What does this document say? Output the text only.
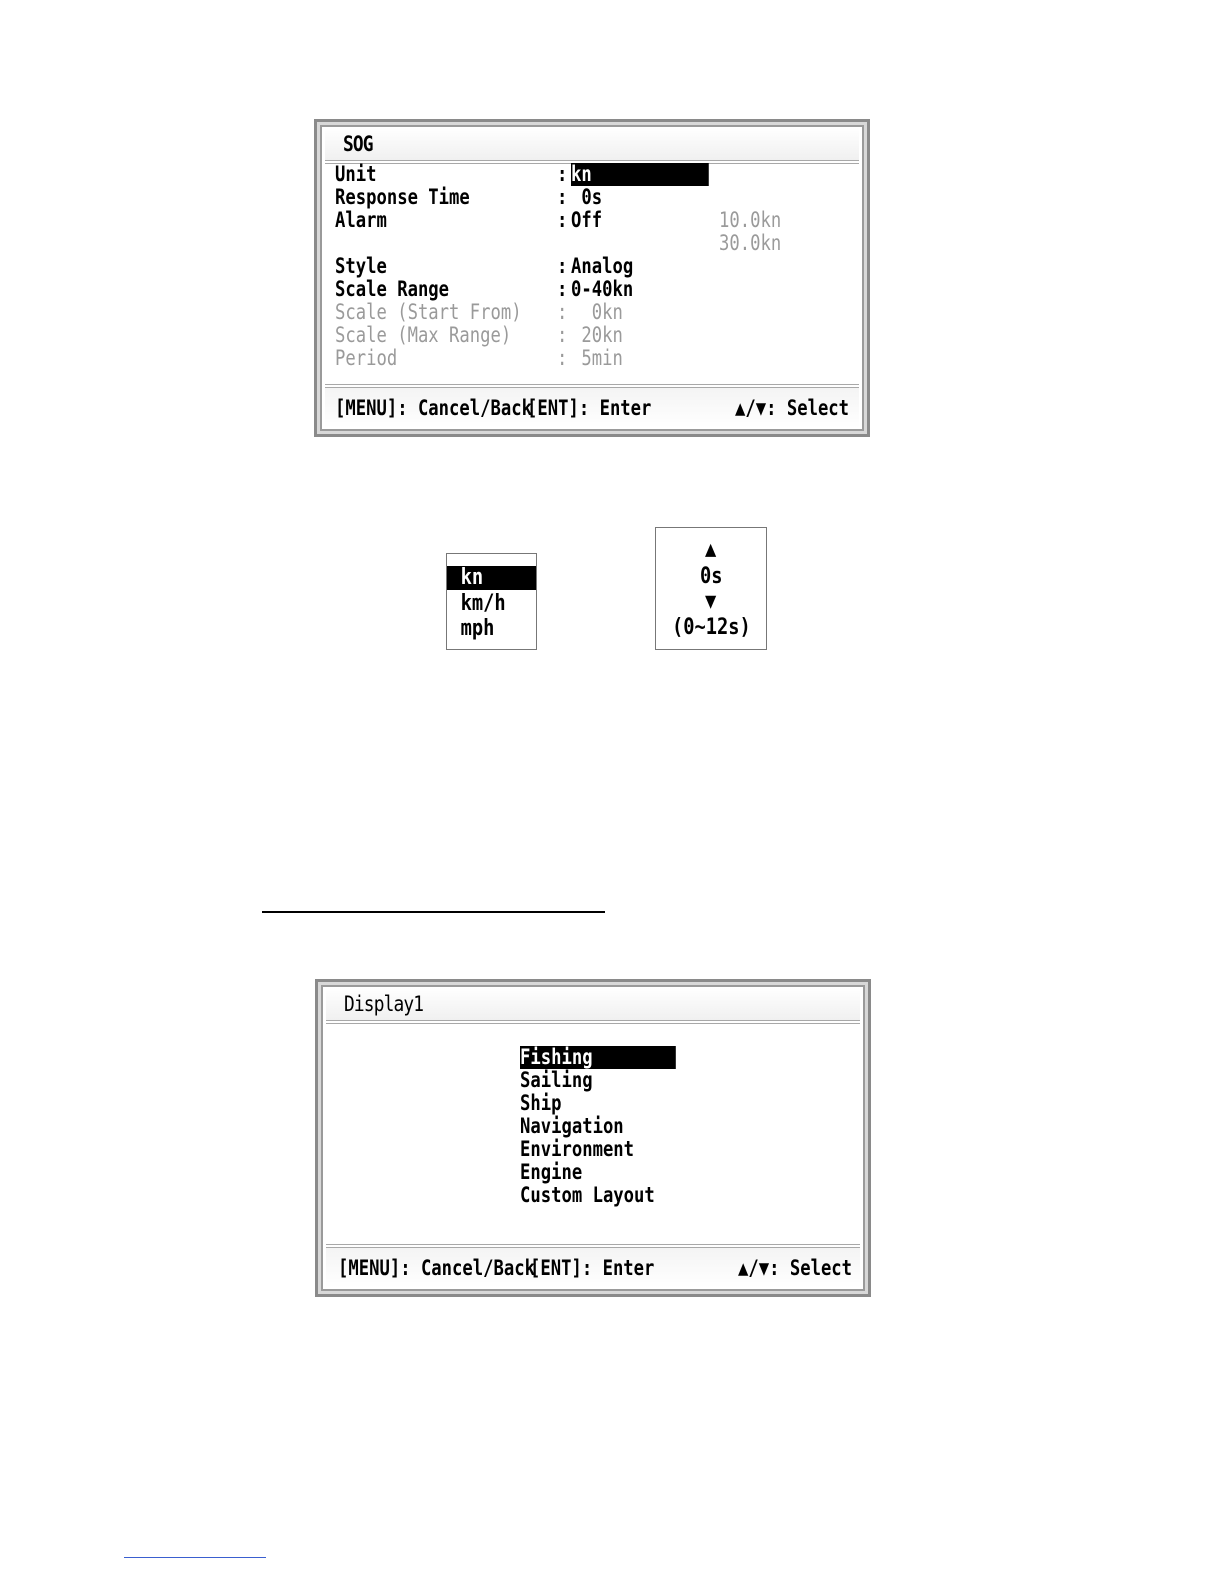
SOG
Unit	: kn
Response Time	: 0s
Alarm	: Off	10.0kn
30.0kn
Style	: Analog
Scale Range	: 0-40kn
Scale (Start From) : 0kn
Scale (Max Range) : 20kn
Period	: 5min
[MENU]: Cancel/Back
[ENT]: Enter	▲/▼: Select
kn
km/h
mph
▲
0s
▼
(0~12s)
Display1
Fishing
Sailing
Ship
Navigation
Environment
Engine
Custom Layout
[MENU]: Cancel/Back
[ENT]: Enter	▲/▼: Select
